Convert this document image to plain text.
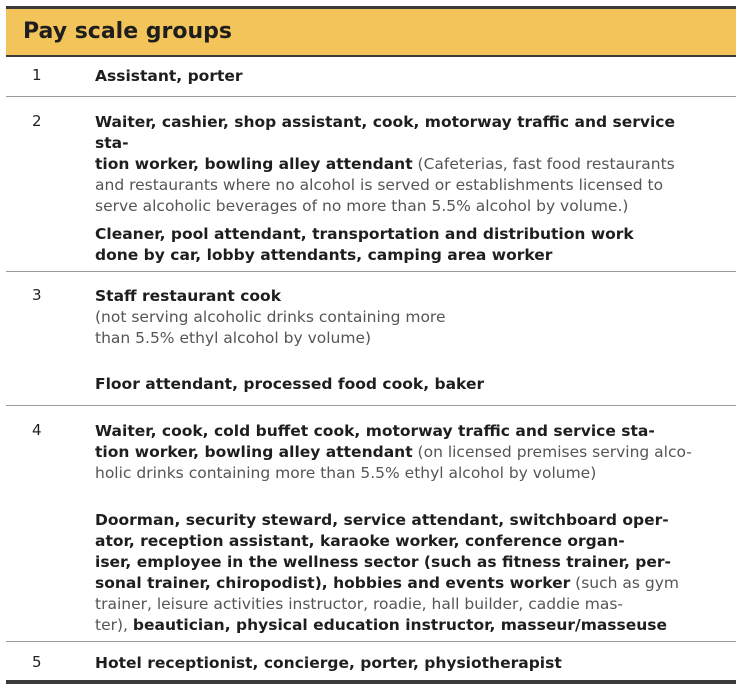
Pay scale groups
1	Assistant, porter
2	Waiter, cashier, shop assistant, cook, motorway traffic and service sta-
tion worker, bowling alley attendant (Cafeterias, fast food restaurants
and restaurants where no alcohol is served or establishments licensed to
serve alcoholic beverages of no more than 5.5% alcohol by volume.)
Cleaner, pool attendant, transportation and distribution work
done by car, lobby attendants, camping area worker
3	Staff restaurant cook
(not serving alcoholic drinks containing more
than 5.5% ethyl alcohol by volume)
Floor attendant, processed food cook, baker
4	Waiter, cook, cold buffet cook, motorway traffic and service sta-
tion worker, bowling alley attendant (on licensed premises serving alco-
holic drinks containing more than 5.5% ethyl alcohol by volume)
Doorman, security steward, service attendant, switchboard oper-
ator, reception assistant, karaoke worker, conference organ-
iser, employee in the wellness sector (such as fitness trainer, per-
sonal trainer, chiropodist), hobbies and events worker (such as gym
trainer, leisure activities instructor, roadie, hall builder, caddie mas-
ter), beautician, physical education instructor, masseur/masseuse
5	Hotel receptionist, concierge, porter, physiotherapist
